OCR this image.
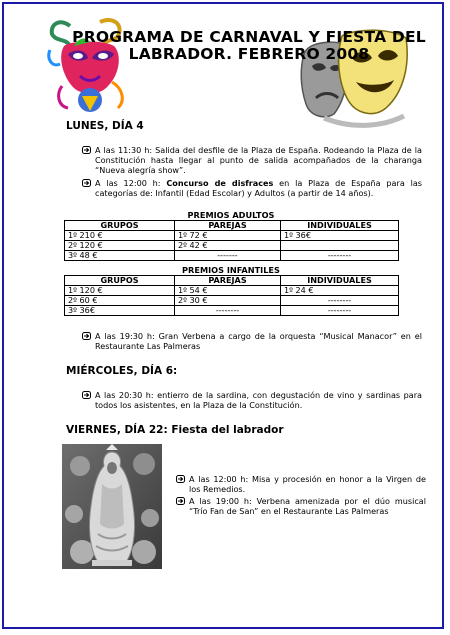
PROGRAMA DE CARNAVAL Y FIESTA DEL
LABRADOR. FEBRERO 2008
LUNES, DÍA 4
A las 11:30 h: Salida del desfile de la Plaza de España. Rodeando la Plaza de la Constitución hasta llegar al punto de salida acompañados de la charanga “Nueva alegría show”.
A las 12:00 h: Concurso de disfraces en la Plaza de España para las categorías de: Infantil (Edad Escolar) y Adultos (a partir de 14 años).
PREMIOS ADULTOS
GRUPOS	PAREJAS	INDIVIDUALES
1º 210 €	1º 72 €	1º 36€
2º 120 €	2º 42 €	
3º 48 €	-------	--------
PREMIOS INFANTILES
GRUPOS	PAREJAS	INDIVIDUALES
1º 120 €	1º 54 €	1º 24 €
2º 60 €	2º 30 €	--------
3º 36€	--------	--------
A las 19:30 h: Gran Verbena a cargo de la orquesta “Musical Manacor” en el Restaurante Las Palmeras
MIÉRCOLES, DÍA 6:
A las 20:30 h: entierro de la sardina, con degustación de vino y sardinas para todos los asistentes, en la Plaza de la Constitución.
VIERNES, DÍA 22: Fiesta del labrador
A las 12:00 h: Misa y procesión en honor a la Virgen de los Remedios.
A las 19:00 h: Verbena amenizada por el dúo musical “Trío Fan de San” en el Restaurante Las Palmeras
